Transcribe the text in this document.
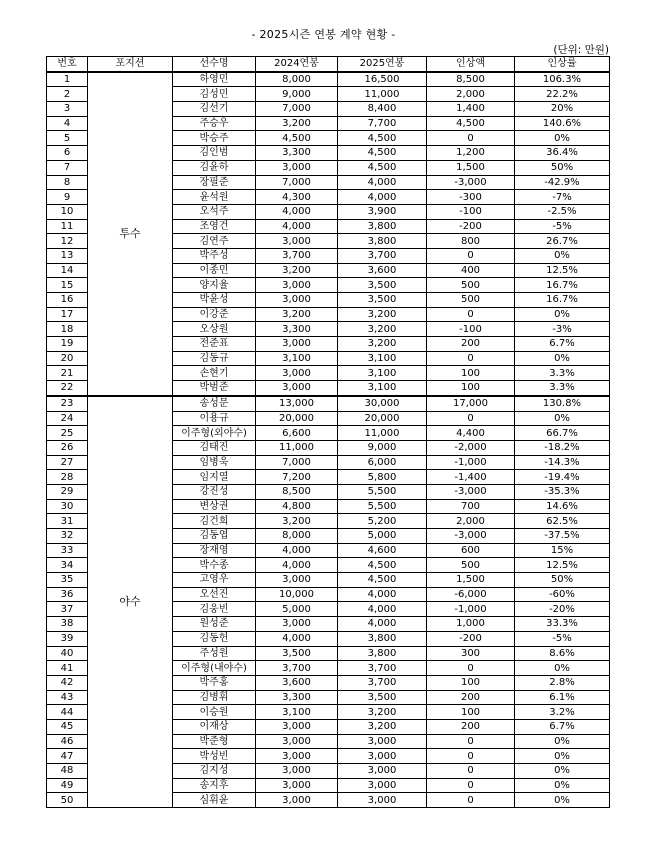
- 2025시즌 연봉 계약 현황 -
(단위: 만원)
번호	포지션	선수명	2024연봉	2025연봉	인상액	인상률
1	투수	하영민	8,000	16,500	8,500	106.3%
2		김성민	9,000	11,000	2,000	22.2%
3		김선기	7,000	8,400	1,400	20%
4		주승우	3,200	7,700	4,500	140.6%
5		박승주	4,500	4,500	0	0%
6		김인범	3,300	4,500	1,200	36.4%
7		김윤하	3,000	4,500	1,500	50%
8		장필준	7,000	4,000	-3,000	-42.9%
9		윤석원	4,300	4,000	-300	-7%
10		오석주	4,000	3,900	-100	-2.5%
11		조영건	4,000	3,800	-200	-5%
12		김연주	3,000	3,800	800	26.7%
13		박주성	3,700	3,700	0	0%
14		이종민	3,200	3,600	400	12.5%
15		양지율	3,000	3,500	500	16.7%
16		박윤성	3,000	3,500	500	16.7%
17		이강준	3,200	3,200	0	0%
18		오상원	3,300	3,200	-100	-3%
19		전준표	3,000	3,200	200	6.7%
20		김동규	3,100	3,100	0	0%
21		손현기	3,000	3,100	100	3.3%
22		박범준	3,000	3,100	100	3.3%
23	야수	송성문	13,000	30,000	17,000	130.8%
24		이용규	20,000	20,000	0	0%
25		이주형(외야수)	6,600	11,000	4,400	66.7%
26		김태진	11,000	9,000	-2,000	-18.2%
27		임병욱	7,000	6,000	-1,000	-14.3%
28		임지열	7,200	5,800	-1,400	-19.4%
29		강진성	8,500	5,500	-3,000	-35.3%
30		변상권	4,800	5,500	700	14.6%
31		김건희	3,200	5,200	2,000	62.5%
32		김동엽	8,000	5,000	-3,000	-37.5%
33		장재영	4,000	4,600	600	15%
34		박수종	4,000	4,500	500	12.5%
35		고영우	3,000	4,500	1,500	50%
36		오선진	10,000	4,000	-6,000	-60%
37		김웅빈	5,000	4,000	-1,000	-20%
38		원성준	3,000	4,000	1,000	33.3%
39		김동헌	4,000	3,800	-200	-5%
40		주성원	3,500	3,800	300	8.6%
41		이주형(내야수)	3,700	3,700	0	0%
42		박주홍	3,600	3,700	100	2.8%
43		김병휘	3,300	3,500	200	6.1%
44		이승원	3,100	3,200	100	3.2%
45		이재상	3,000	3,200	200	6.7%
46		박준형	3,000	3,000	0	0%
47		박성빈	3,000	3,000	0	0%
48		김지성	3,000	3,000	0	0%
49		송지후	3,000	3,000	0	0%
50		심휘윤	3,000	3,000	0	0%
